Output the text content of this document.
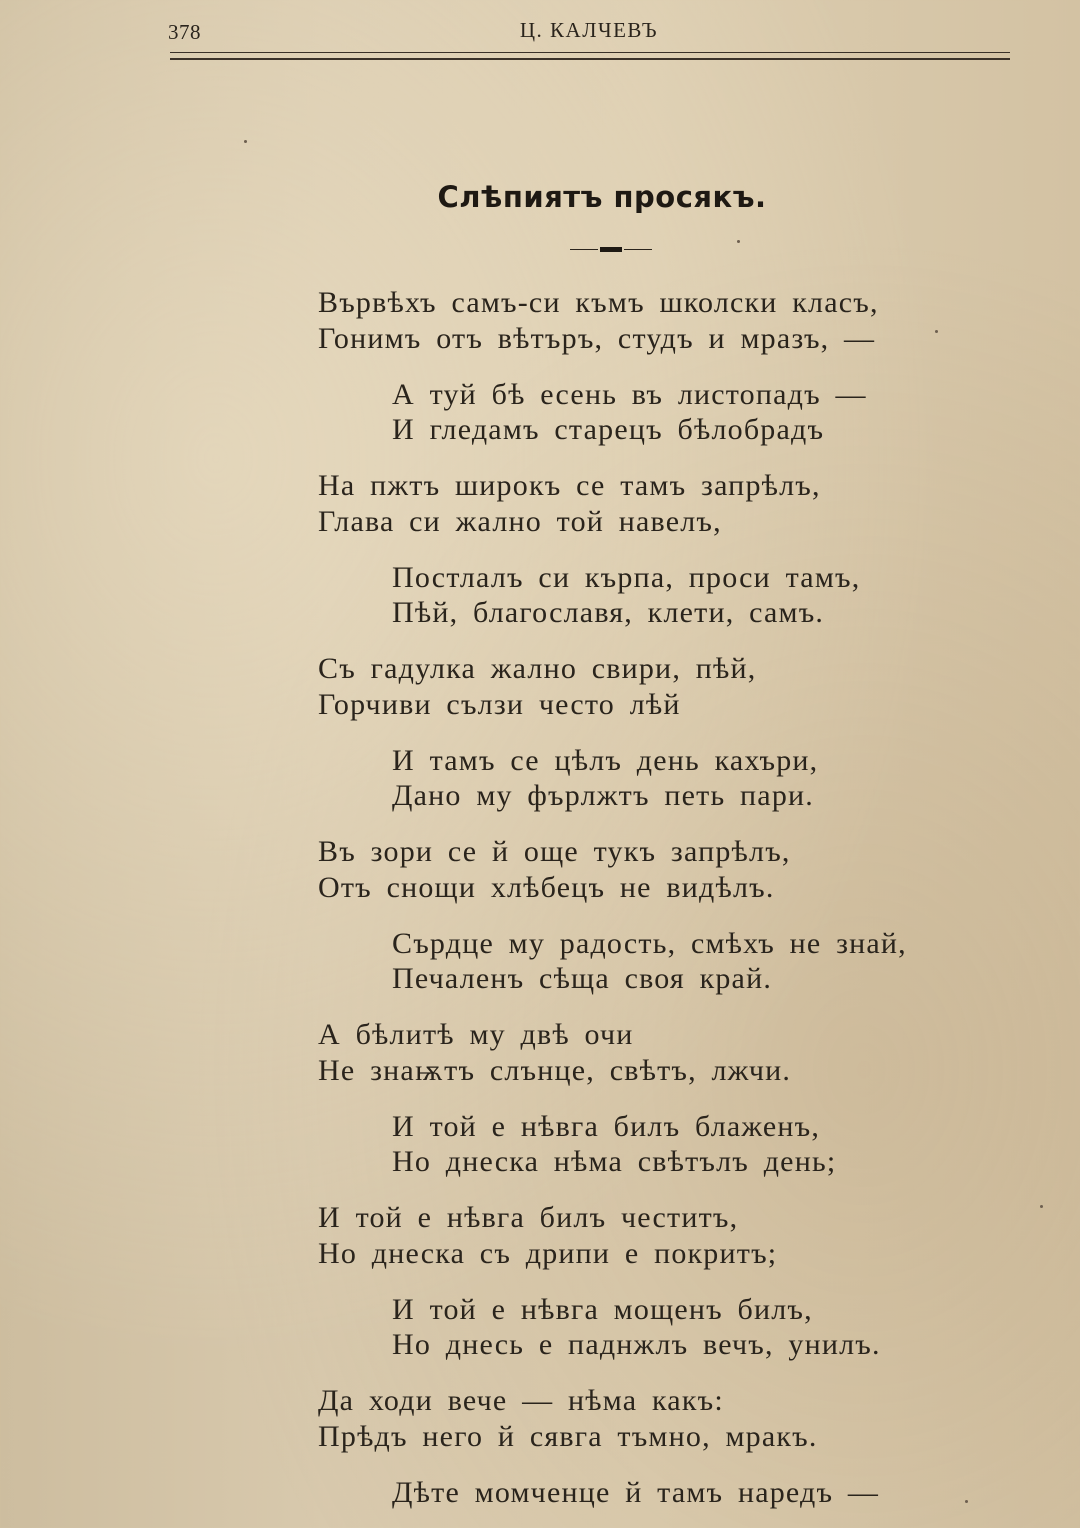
378	Ц. КАЛЧЕВЪ
Слѣпиятъ просякъ.
Вървѣхъ самъ-си къмъ школски класъ,
Гонимъ отъ вѣтъръ, студъ и мразъ, —
А туй бѣ есень въ листопадъ —
И гледамъ старецъ бѣлобрадъ
На пжтъ широкъ се тамъ запрѣлъ,
Глава си жално той навелъ,
Постлалъ си кърпа, проси тамъ,
Пѣй, благославя, клети, самъ.
Съ гадулка жално свири, пѣй,
Горчиви сълзи често лѣй
И тамъ се цѣлъ день кахъри,
Дано му фърлжтъ петь пари.
Въ зори се й още тукъ запрѣлъ,
Отъ снощи хлѣбецъ не видѣлъ.
Сърдце му радость, смѣхъ не знай,
Печаленъ сѣща своя край.
А бѣлитѣ му двѣ очи
Не знаѭтъ слънце, свѣтъ, лжчи.
И той е нѣвга билъ блаженъ,
Но днеска нѣма свѣтълъ день;
И той е нѣвга билъ честитъ,
Но днеска съ дрипи е покритъ;
И той е нѣвга мощенъ билъ,
Но днесь е паднжлъ вечъ, унилъ.
Да ходи вече — нѣма какъ:
Прѣдъ него й сявга тъмно, мракъ.
Дѣте момченце й тамъ наредъ —
